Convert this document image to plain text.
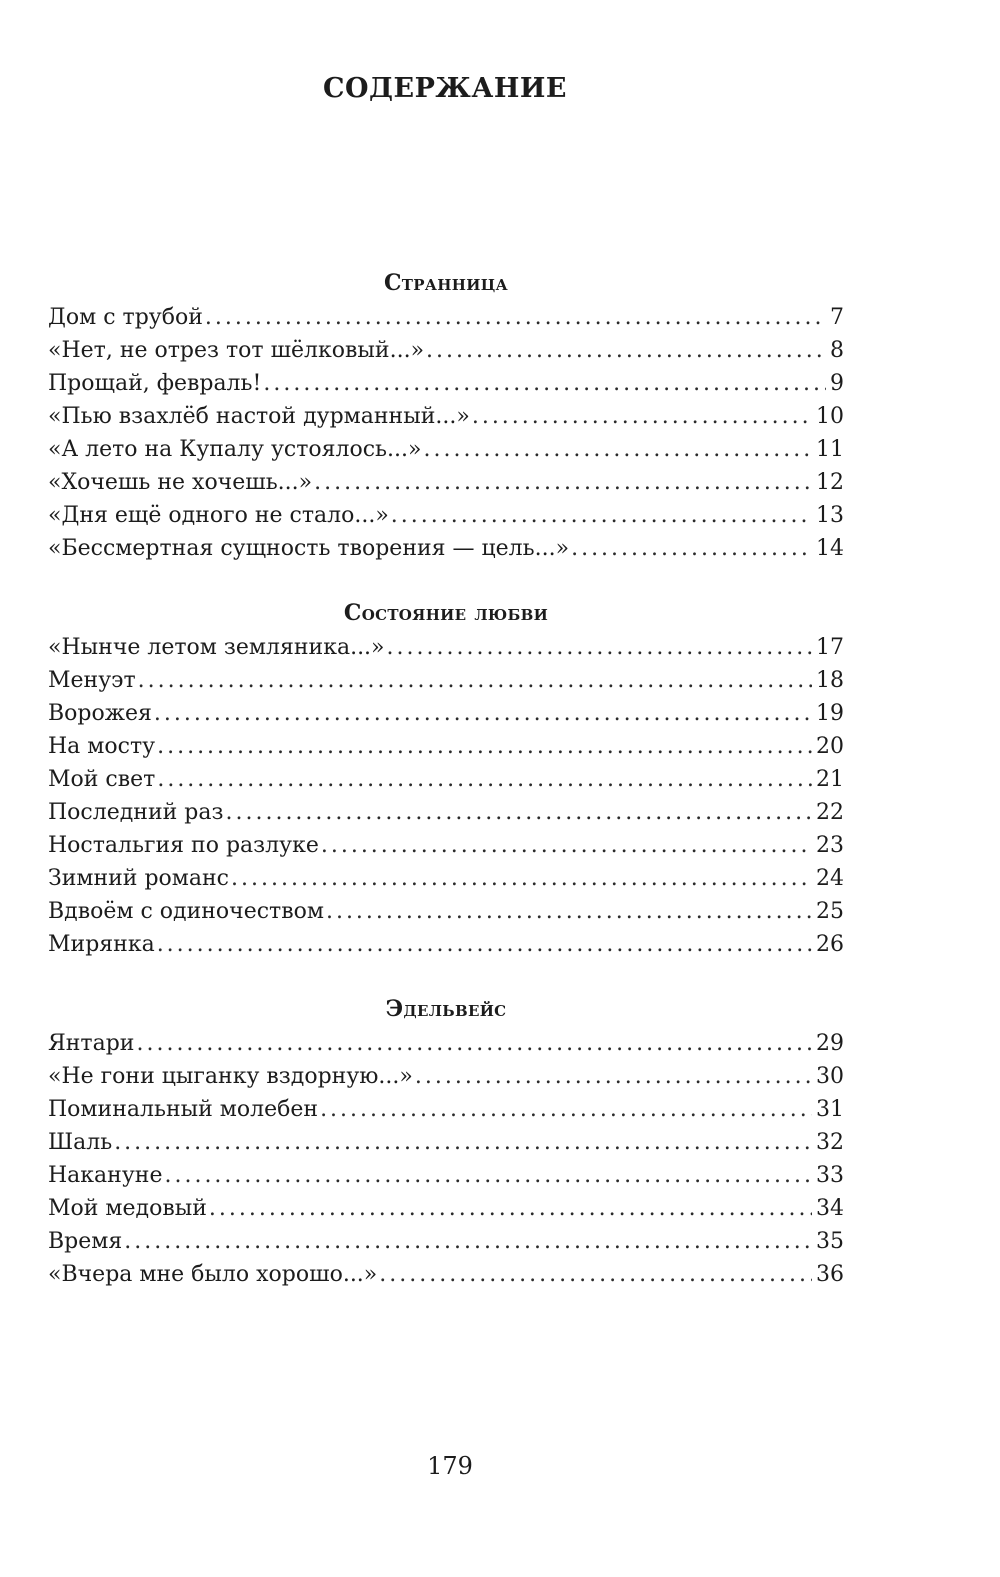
СОДЕРЖАНИЕ
Странница
Дом с трубой .....	7
«Нет, не отрез тот шёлковый...» .....	8
Прощай, февраль! .....	9
«Пью взахлёб настой дурманный...» .....	10
«А лето на Купалу устоялось...» .....	11
«Хочешь не хочешь...» .....	12
«Дня ещё одного не стало...» .....	13
«Бессмертная сущность творения — цель...» .....	14
Состояние любви
«Нынче летом земляника...» .....	17
Менуэт .....	18
Ворожея .....	19
На мосту .....	20
Мой свет .....	21
Последний раз .....	22
Ностальгия по разлуке .....	23
Зимний романс .....	24
Вдвоём с одиночеством .....	25
Мирянка .....	26
Эдельвейс
Янтари .....	29
«Не гони цыганку вздорную...» .....	30
Поминальный молебен .....	31
Шаль .....	32
Накануне .....	33
Мой медовый .....	34
Время .....	35
«Вчера мне было хорошо...» .....	36

179
